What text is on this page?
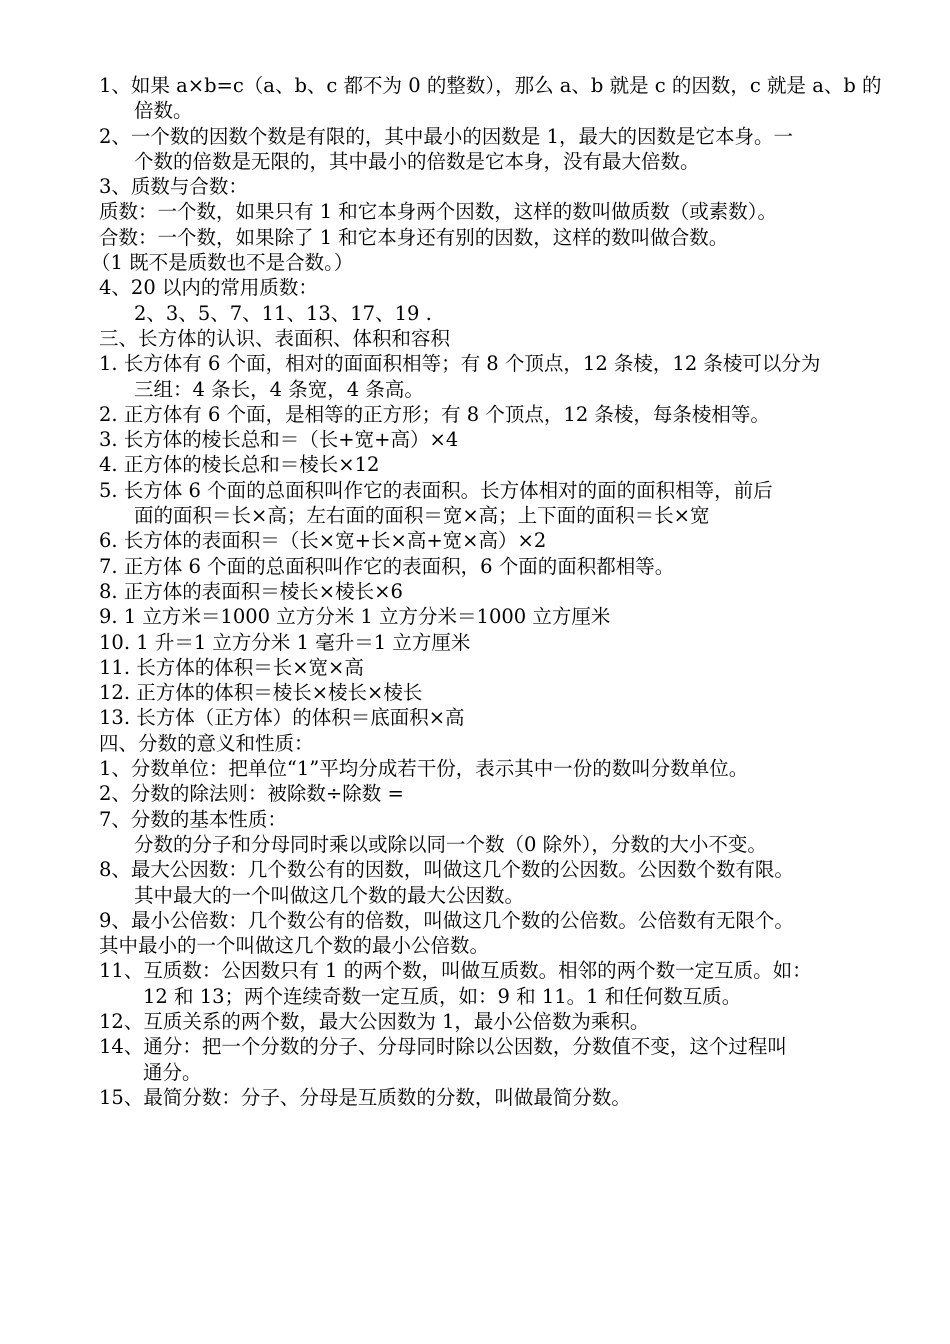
1、如果 a×b=c（a、b、c 都不为 0 的整数），那么 a、b 就是 c 的因数，c 就是 a、b 的
倍数。
2、一个数的因数个数是有限的，其中最小的因数是 1，最大的因数是它本身。一
个数的倍数是无限的，其中最小的倍数是它本身，没有最大倍数。
3、质数与合数：
质数：一个数，如果只有 1 和它本身两个因数，这样的数叫做质数（或素数）。
合数：一个数，如果除了 1 和它本身还有别的因数，这样的数叫做合数。
（1 既不是质数也不是合数。）
4、20 以内的常用质数：
2、3、5、7、11、13、17、19 .
三、长方体的认识、表面积、体积和容积
1. 长方体有 6 个面，相对的面面积相等；有 8 个顶点，12 条棱，12 条棱可以分为
三组：4 条长，4 条宽，4 条高。
2. 正方体有 6 个面，是相等的正方形；有 8 个顶点，12 条棱，每条棱相等。
3. 长方体的棱长总和＝（长+宽+高）×4
4. 正方体的棱长总和＝棱长×12
5. 长方体 6 个面的总面积叫作它的表面积。长方体相对的面的面积相等，前后
面的面积＝长×高；左右面的面积＝宽×高；上下面的面积＝长×宽
6. 长方体的表面积＝（长×宽+长×高+宽×高）×2
7. 正方体 6 个面的总面积叫作它的表面积，6 个面的面积都相等。
8. 正方体的表面积＝棱长×棱长×6
9. 1 立方米＝1000 立方分米 1 立方分米＝1000 立方厘米
10. 1 升＝1 立方分米 1 毫升＝1 立方厘米
11. 长方体的体积＝长×宽×高
12. 正方体的体积＝棱长×棱长×棱长
13. 长方体（正方体）的体积＝底面积×高
四、分数的意义和性质：
1、分数单位：把单位“1”平均分成若干份，表示其中一份的数叫分数单位。
2、分数的除法则：被除数÷除数 =
7、分数的基本性质：
分数的分子和分母同时乘以或除以同一个数（0 除外），分数的大小不变。
8、最大公因数：几个数公有的因数，叫做这几个数的公因数。公因数个数有限。
其中最大的一个叫做这几个数的最大公因数。
9、最小公倍数：几个数公有的倍数，叫做这几个数的公倍数。公倍数有无限个。
其中最小的一个叫做这几个数的最小公倍数。
11、互质数：公因数只有 1 的两个数，叫做互质数。相邻的两个数一定互质。如：
12 和 13；两个连续奇数一定互质，如：9 和 11。1 和任何数互质。
12、互质关系的两个数，最大公因数为 1，最小公倍数为乘积。
14、通分：把一个分数的分子、分母同时除以公因数，分数值不变，这个过程叫
通分。
15、最简分数：分子、分母是互质数的分数，叫做最简分数。
